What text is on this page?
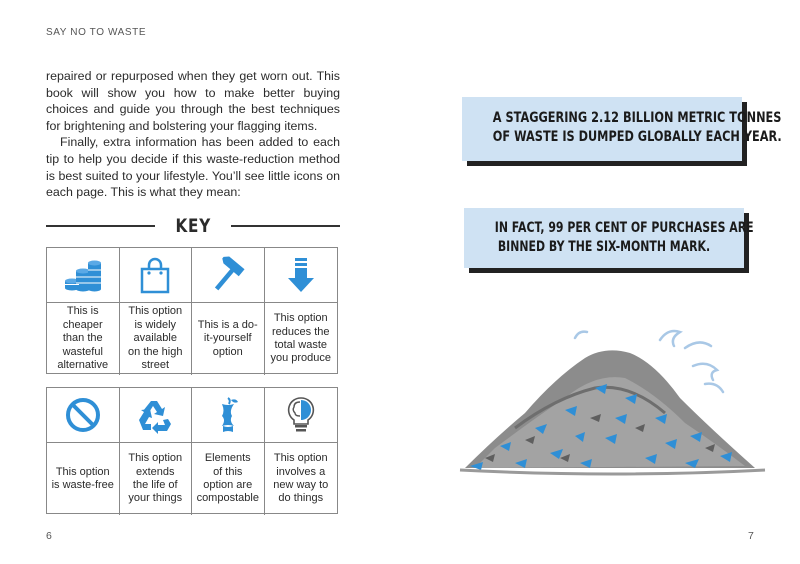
SAY NO TO WASTE

repaired or repurposed when they get worn out. This book will show you how to make better buying choices and guide you through the best techniques for brightening and bolstering your flagging items.

Finally, extra information has been added to each tip to help you decide if this waste-reduction method is best suited to your lifestyle. You’ll see little icons on each page. This is what they mean:

KEY
This is
cheaper
than the
wasteful
alternative
This option
is widely
available
on the high
street
This is a do-
it-yourself
option
This option
reduces the
total waste
you produce
This option
is waste-free
This option
extends
the life of
your things
Elements
of this
option are
compostable
This option
involves a
new way to
do things
6
A STAGGERING 2.12 BILLION METRIC TONNES
OF WASTE IS DUMPED GLOBALLY EACH YEAR.
IN FACT, 99 PER CENT OF PURCHASES ARE
BINNED BY THE SIX-MONTH MARK.
7
